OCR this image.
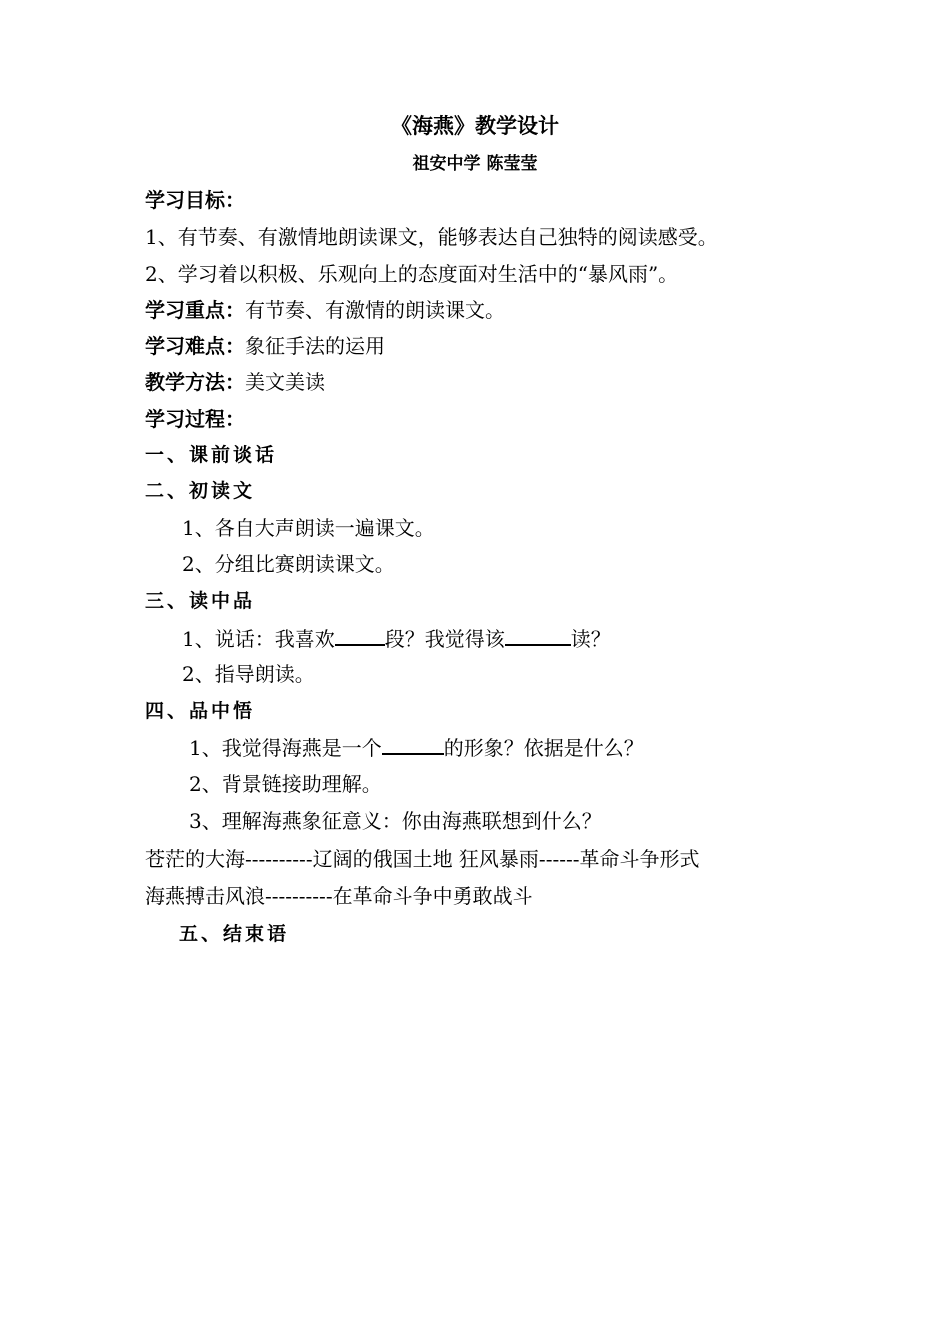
《海燕》教学设计
祖安中学 陈莹莹
学习目标：
1、有节奏、有激情地朗读课文，能够表达自己独特的阅读感受。
2、学习着以积极、乐观向上的态度面对生活中的“暴风雨”。
学习重点：有节奏、有激情的朗读课文。
学习难点：象征手法的运用
教学方法：美文美读
学习过程：
一、课前谈话
二、初读文
1、各自大声朗读一遍课文。
2、分组比赛朗读课文。
三、读中品
1、说话：我喜欢	段？我觉得该	读？
2、指导朗读。
四、品中悟
1、我觉得海燕是一个	的形象？依据是什么？
2、背景链接助理解。
3、理解海燕象征意义：你由海燕联想到什么？
苍茫的大海----------辽阔的俄国土地 狂风暴雨------革命斗争形式
海燕搏击风浪----------在革命斗争中勇敢战斗
五、结束语
